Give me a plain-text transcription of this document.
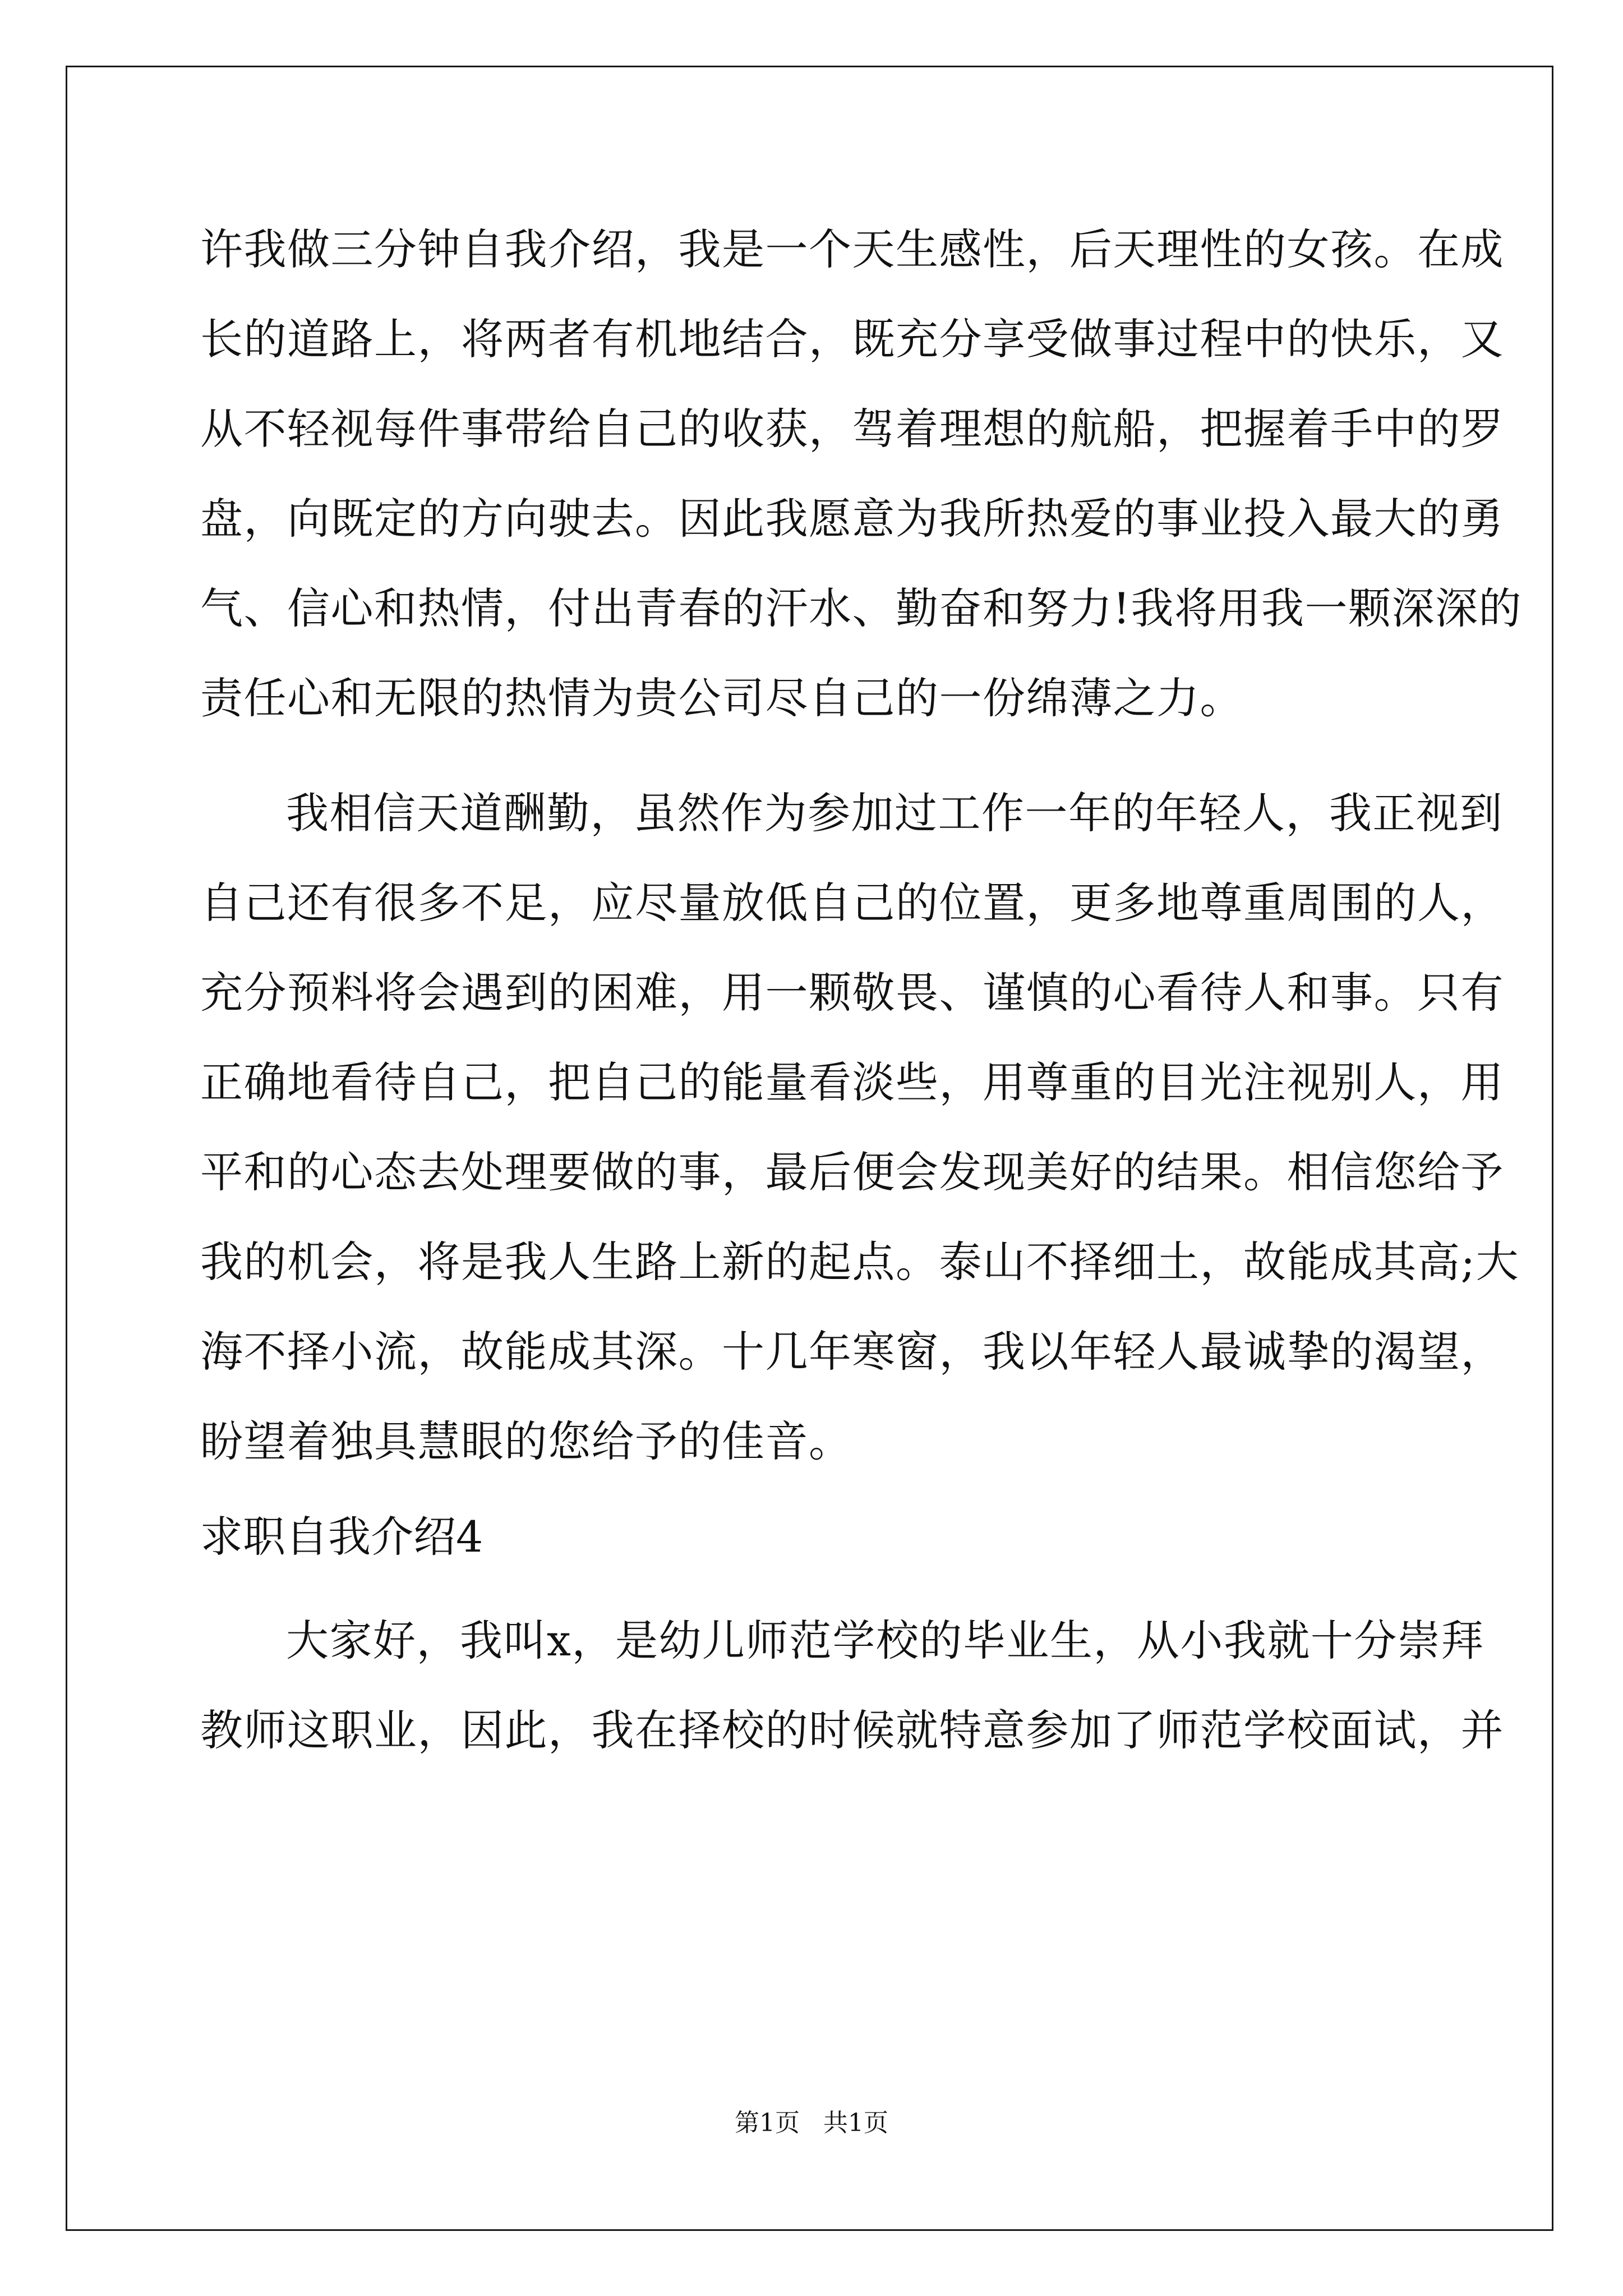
许我做三分钟自我介绍，我是一个天生感性，后天理性的女孩。在成
长的道路上，将两者有机地结合，既充分享受做事过程中的快乐，又
从不轻视每件事带给自己的收获，驾着理想的航船，把握着手中的罗
盘，向既定的方向驶去。因此我愿意为我所热爱的事业投入最大的勇
气、信心和热情，付出青春的汗水、勤奋和努力!我将用我一颗深深的
责任心和无限的热情为贵公司尽自己的一份绵薄之力。
我相信天道酬勤，虽然作为参加过工作一年的年轻人，我正视到
自己还有很多不足，应尽量放低自己的位置，更多地尊重周围的人，
充分预料将会遇到的困难，用一颗敬畏、谨慎的心看待人和事。只有
正确地看待自己，把自己的能量看淡些，用尊重的目光注视别人，用
平和的心态去处理要做的事，最后便会发现美好的结果。相信您给予
我的机会，将是我人生路上新的起点。泰山不择细土，故能成其高;大
海不择小流，故能成其深。十几年寒窗，我以年轻人最诚挚的渴望，
盼望着独具慧眼的您给予的佳音。
求职自我介绍4
大家好，我叫x，是幼儿师范学校的毕业生，从小我就十分崇拜
教师这职业，因此，我在择校的时候就特意参加了师范学校面试，并
第1页   共1页
